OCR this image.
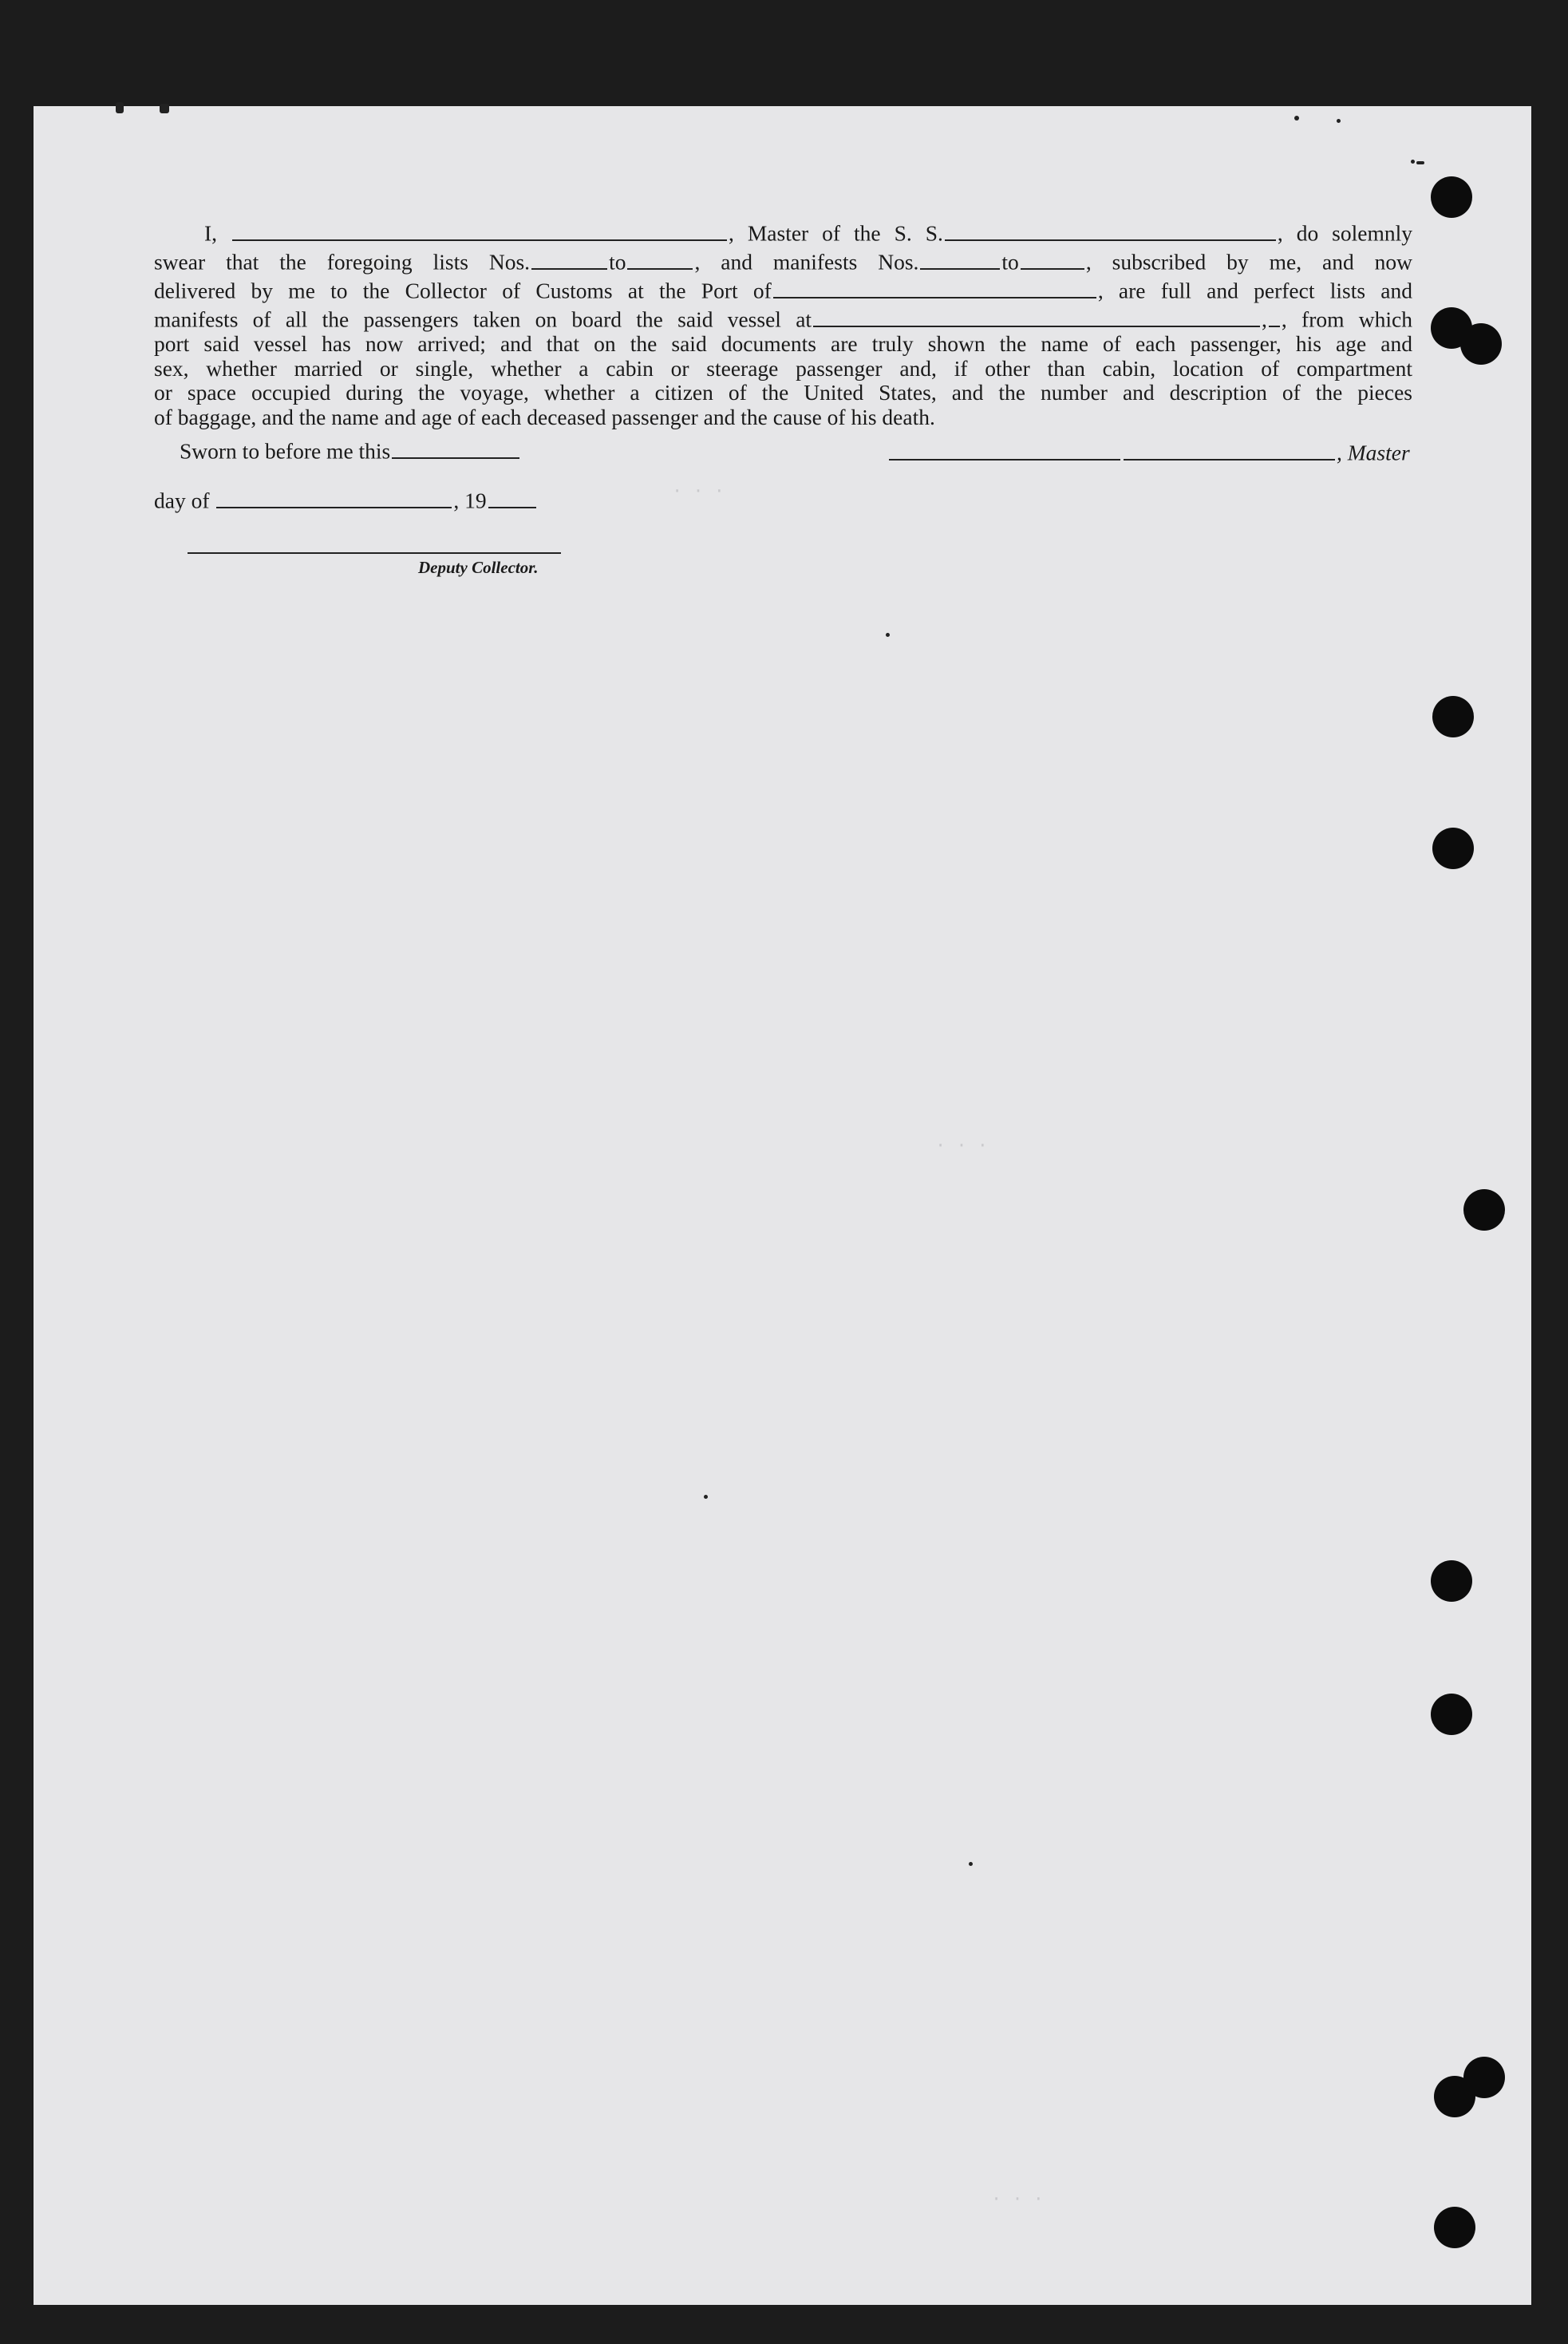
I,	, Master of the S. S.	, do solemnly
swear that the foregoing lists Nos.	to	, and manifests Nos.	to	, subscribed by me, and now
delivered by me to the Collector of Customs at the Port of	, are full and perfect lists and
manifests of all the passengers taken on board the said vessel at	, , from which
port said vessel has now arrived; and that on the said documents are truly shown the name of each passenger, his age and
sex, whether married or single, whether a cabin or steerage passenger and, if other than cabin, location of compartment
or space occupied during the voyage, whether a citizen of the United States, and the number and description of the pieces
of baggage, and the name and age of each deceased passenger and the cause of his death.
Sworn to before me this	, Master
day of	, 19
Deputy Collector.
· · ·
· · ·
· · ·
